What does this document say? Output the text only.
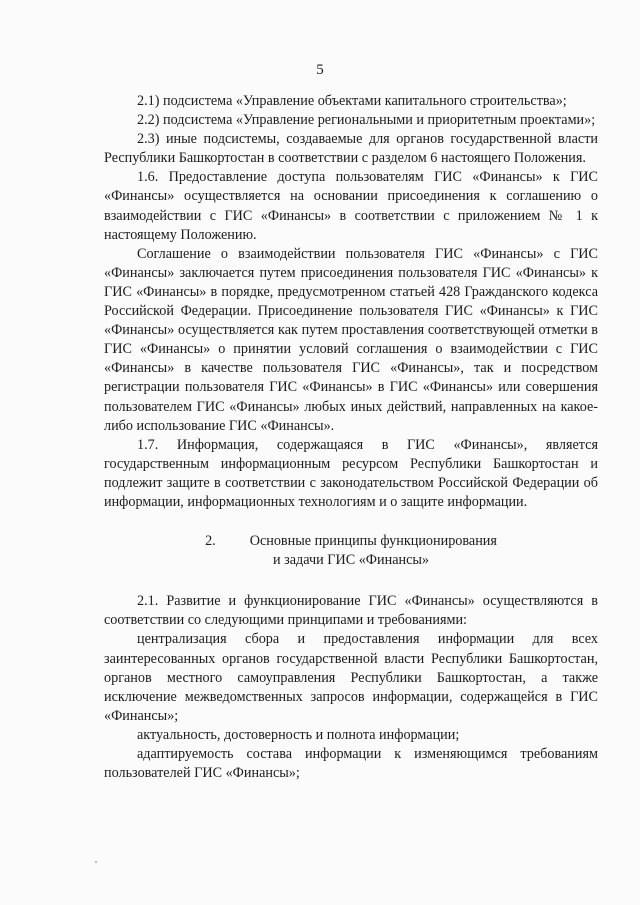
5

2.1) подсистема «Управление объектами капитального строительства»;

2.2) подсистема «Управление региональными и приоритетным проектами»;

2.3) иные подсистемы, создаваемые для органов государственной власти Республики Башкортостан в соответствии с разделом 6 настоящего Положения.

1.6. Предоставление доступа пользователям ГИС «Финансы» к ГИС «Финансы» осуществляется на основании присоединения к соглашению о взаимодействии с ГИС «Финансы» в соответствии с приложением № 1 к настоящему Положению.

Соглашение о взаимодействии пользователя ГИС «Финансы» с ГИС «Финансы» заключается путем присоединения пользователя ГИС «Финансы» к ГИС «Финансы» в порядке, предусмотренном статьей 428 Гражданского кодекса Российской Федерации. Присоединение пользователя ГИС «Финансы» к ГИС «Финансы» осуществляется как путем проставления соответствующей отметки в ГИС «Финансы» о принятии условий соглашения о взаимодействии с ГИС «Финансы» в качестве пользователя ГИС «Финансы», так и посредством регистрации пользователя ГИС «Финансы» в ГИС «Финансы» или совершения пользователем ГИС «Финансы» любых иных действий, направленных на какое-либо использование ГИС «Финансы».

1.7. Информация, содержащаяся в ГИС «Финансы», является государственным информационным ресурсом Республики Башкортостан и подлежит защите в соответствии с законодательством Российской Федерации об информации, информационных технологиям и о защите информации.

2. Основные принципы функционирования
и задачи ГИС «Финансы»

2.1. Развитие и функционирование ГИС «Финансы» осуществляются в соответствии со следующими принципами и требованиями:

централизация сбора и предоставления информации для всех заинтересованных органов государственной власти Республики Башкортостан, органов местного самоуправления Республики Башкортостан, а также исключение межведомственных запросов информации, содержащейся в ГИС «Финансы»;

актуальность, достоверность и полнота информации;

адаптируемость состава информации к изменяющимся требованиям пользователей ГИС «Финансы»;
